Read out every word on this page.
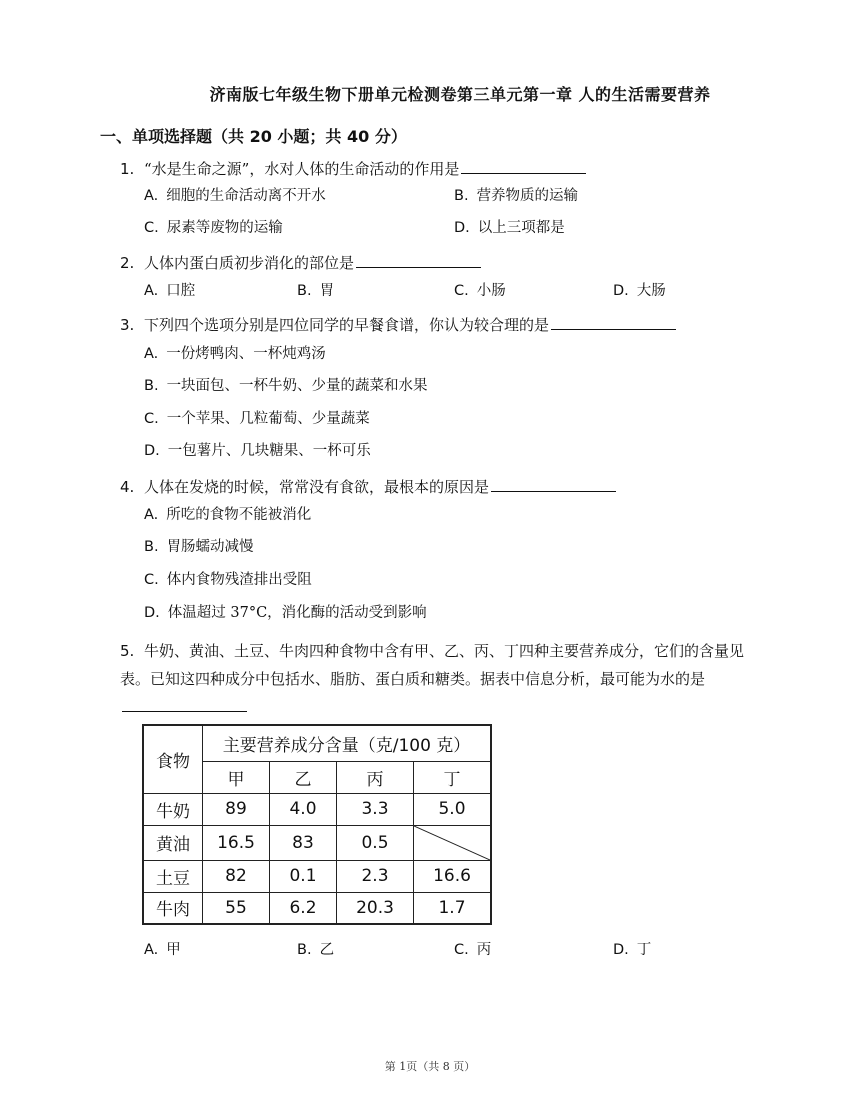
济南版七年级生物下册单元检测卷第三单元第一章 人的生活需要营养
一、单项选择题（共 20 小题；共 40 分）
1. “水是生命之源”，水对人体的生命活动的作用是
A. 细胞的生命活动离不开水	B. 营养物质的运输
C. 尿素等废物的运输	D. 以上三项都是
2. 人体内蛋白质初步消化的部位是
A. 口腔	B. 胃	C. 小肠	D. 大肠
3. 下列四个选项分别是四位同学的早餐食谱，你认为较合理的是
A. 一份烤鸭肉、一杯炖鸡汤
B. 一块面包、一杯牛奶、少量的蔬菜和水果
C. 一个苹果、几粒葡萄、少量蔬菜
D. 一包薯片、几块糖果、一杯可乐
4. 人体在发烧的时候，常常没有食欲，最根本的原因是
A. 所吃的食物不能被消化
B. 胃肠蠕动减慢
C. 体内食物残渣排出受阻
D. 体温超过 37°C，消化酶的活动受到影响
5. 牛奶、黄油、土豆、牛肉四种食物中含有甲、乙、丙、丁四种主要营养成分，它们的含量见表。已知这四种成分中包括水、脂肪、蛋白质和糖类。据表中信息分析，最可能为水的是
食物	主要营养成分含量（克/100 克）			
	甲	乙	丙	丁
牛奶	89	4.0	3.3	5.0
黄油	16.5	83	0.5	

土豆	82	0.1	2.3	16.6
牛肉	55	6.2	20.3	1.7
A. 甲	B. 乙	C. 丙	D. 丁
第 1页（共 8 页）
